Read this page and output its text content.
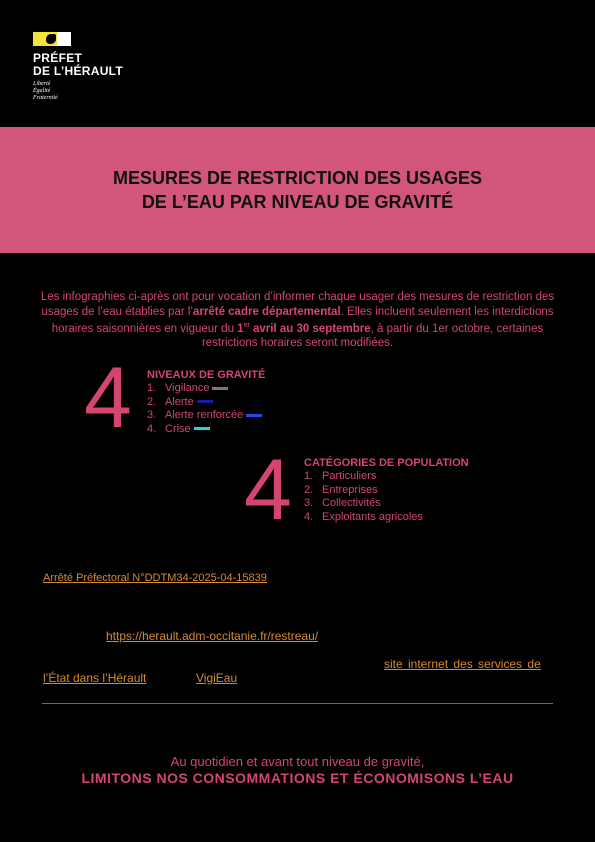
PRÉFET
DE L’HÉRAULT
Liberté
Égalité
Fraternité
MESURES DE RESTRICTION DES USAGES
DE L’EAU PAR NIVEAU DE GRAVITÉ
Les infographies ci-après ont pour vocation d’informer chaque usager des mesures de restriction des usages de l’eau établies par l’arrêté cadre départemental. Elles incluent seulement les interdictions horaires saisonnières en vigueur du 1er avril au 30 septembre, à partir du 1er octobre, certaines restrictions horaires seront modifiées.
4 NIVEAUX DE GRAVITÉ
1. Vigilance
2. Alerte
3. Alerte renforcée
4. Crise
4 CATÉGORIES DE POPULATION
1. Particuliers
2. Entreprises
3. Collectivités
4. Exploitants agricoles
Arrêté Préfectoral N°DDTM34-2025-04-15839
https://herault.adm-occitanie.fr/restreau/
site internet des services de
l’État dans l’Hérault	VigiEau
Au quotidien et avant tout niveau de gravité,
LIMITONS NOS CONSOMMATIONS ET ÉCONOMISONS L’EAU
